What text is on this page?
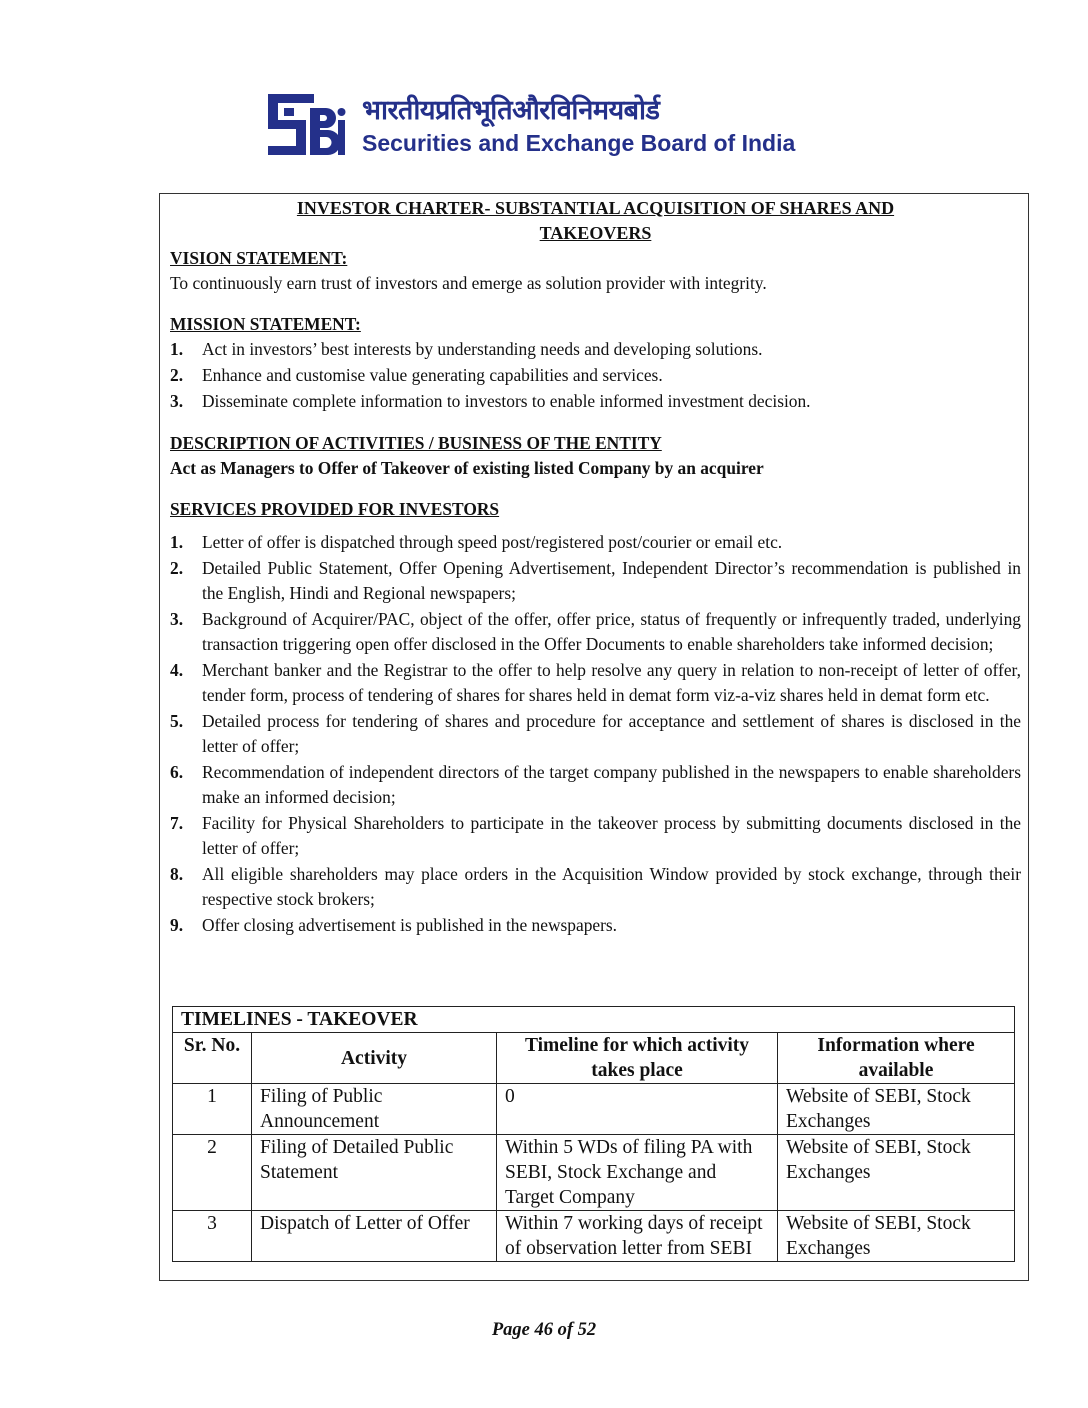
भारतीयप्रतिभूतिऔरविनिमयबोर्ड
Securities and Exchange Board of India
INVESTOR CHARTER- SUBSTANTIAL ACQUISITION OF SHARES AND TAKEOVERS
VISION STATEMENT:
To continuously earn trust of investors and emerge as solution provider with integrity.
MISSION STATEMENT:
1.	Act in investors’ best interests by understanding needs and developing solutions.
2.	Enhance and customise value generating capabilities and services.
3.	Disseminate complete information to investors to enable informed investment decision.
DESCRIPTION OF ACTIVITIES / BUSINESS OF THE ENTITY
Act as Managers to Offer of Takeover of existing listed Company by an acquirer
SERVICES PROVIDED FOR INVESTORS
1.	Letter of offer is dispatched through speed post/registered post/courier or email etc.
2.	Detailed Public Statement, Offer Opening Advertisement, Independent Director’s recommendation is published in the English, Hindi and Regional newspapers;
3.	Background of Acquirer/PAC, object of the offer, offer price, status of frequently or infrequently traded, underlying transaction triggering open offer disclosed in the Offer Documents to enable shareholders take informed decision;
4.	Merchant banker and the Registrar to the offer to help resolve any query in relation to non-receipt of letter of offer, tender form, process of tendering of shares for shares held in demat form viz-a-viz shares held in demat form etc.
5.	Detailed process for tendering of shares and procedure for acceptance and settlement of shares is disclosed in the letter of offer;
6.	Recommendation of independent directors of the target company published in the newspapers to enable shareholders make an informed decision;
7.	Facility for Physical Shareholders to participate in the takeover process by submitting documents disclosed in the letter of offer;
8.	All eligible shareholders may place orders in the Acquisition Window provided by stock exchange, through their respective stock brokers;
9.	Offer closing advertisement is published in the newspapers.
TIMELINES - TAKEOVER			
Sr. No.	Activity	Timeline for which activity takes place	Information where available
1	Filing of Public Announcement	0	Website of SEBI, Stock Exchanges
2	Filing of Detailed Public Statement	Within 5 WDs of filing PA with SEBI, Stock Exchange and Target Company	Website of SEBI, Stock Exchanges
3	Dispatch of Letter of Offer	Within 7 working days of receipt of observation letter from SEBI	Website of SEBI, Stock Exchanges
Page 46 of 52
